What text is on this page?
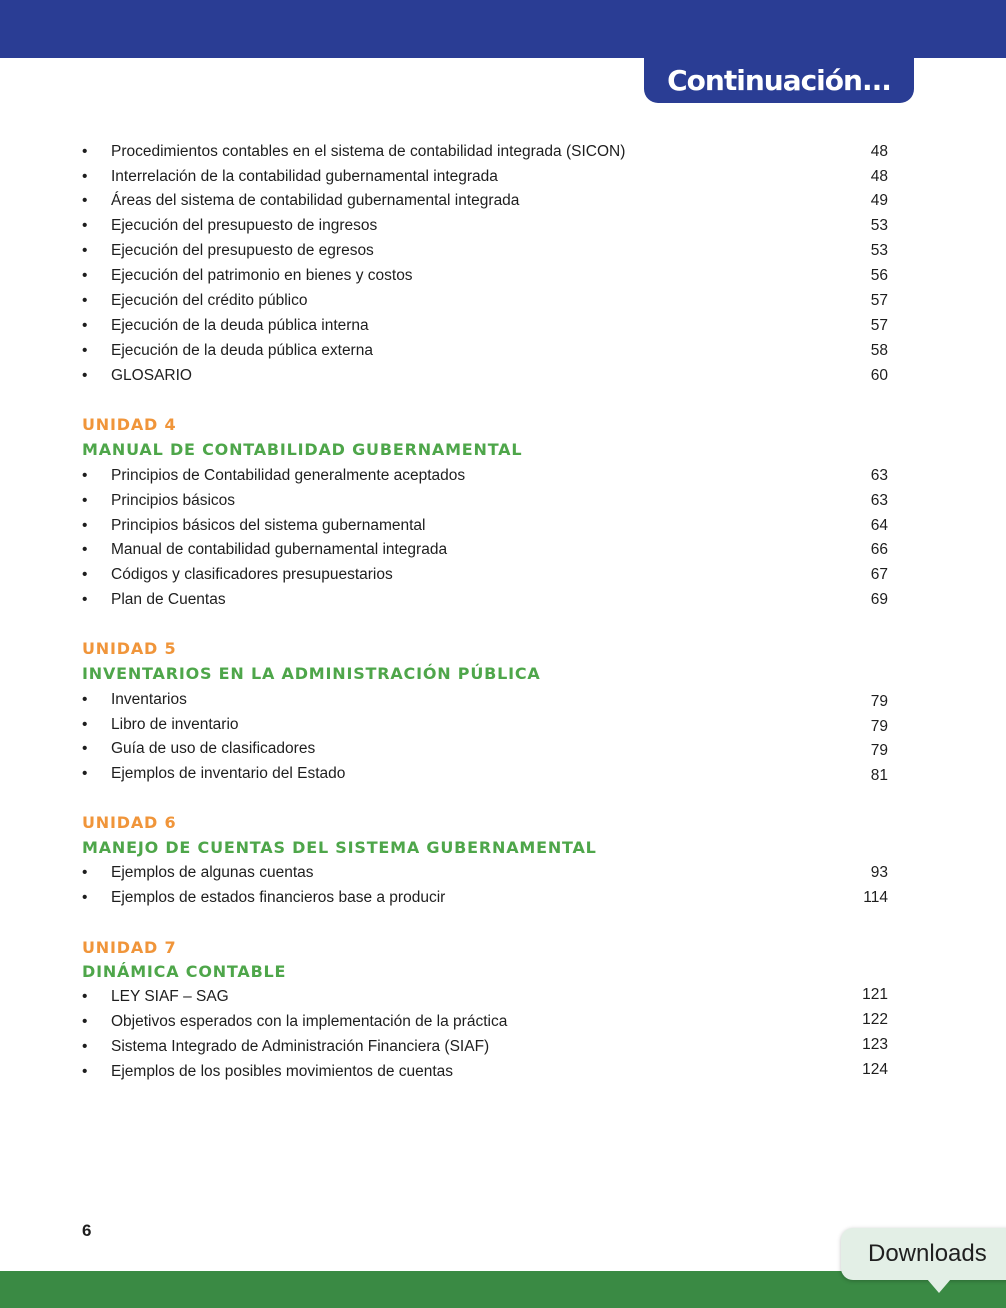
Continuación...
• Procedimientos contables en el sistema de contabilidad integrada (SICON)	48
• Interrelación de la contabilidad gubernamental integrada	48
• Áreas del sistema de contabilidad gubernamental integrada	49
• Ejecución del presupuesto de ingresos	53
• Ejecución del presupuesto de egresos	53
• Ejecución del patrimonio en bienes y costos	56
• Ejecución del crédito público	57
• Ejecución de la deuda pública interna	57
• Ejecución de la deuda pública externa	58
• GLOSARIO	60
UNIDAD 4
MANUAL DE CONTABILIDAD GUBERNAMENTAL
• Principios de Contabilidad generalmente aceptados	63
• Principios básicos	63
• Principios básicos del sistema gubernamental	64
• Manual de contabilidad gubernamental integrada	66
• Códigos y clasificadores presupuestarios	67
• Plan de Cuentas	69
UNIDAD 5
INVENTARIOS EN LA ADMINISTRACIÓN PÚBLICA
• Inventarios	79
• Libro de inventario	79
• Guía de uso de clasificadores	79
• Ejemplos de inventario del Estado	81
UNIDAD 6
MANEJO DE CUENTAS DEL SISTEMA GUBERNAMENTAL
• Ejemplos de algunas cuentas	93
• Ejemplos de estados financieros base a producir	114
UNIDAD 7
DINÁMICA CONTABLE
• LEY SIAF – SAG	121
• Objetivos esperados con la implementación de la práctica	122
• Sistema Integrado de Administración Financiera (SIAF)	123
• Ejemplos de los posibles movimientos de cuentas	124
6
Downloads
